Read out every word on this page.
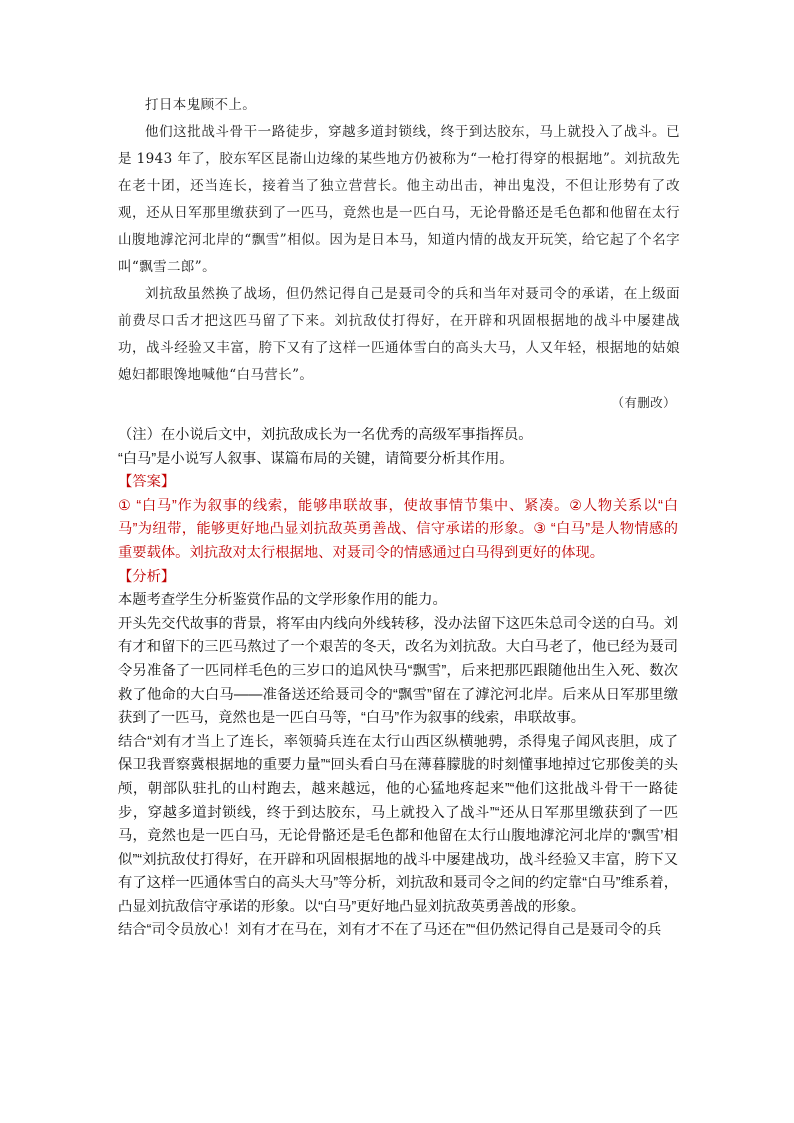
打日本鬼顾不上。

他们这批战斗骨干一路徒步，穿越多道封锁线，终于到达胶东，马上就投入了战斗。已是 1943 年了，胶东军区昆嵛山边缘的某些地方仍被称为“一枪打得穿的根据地”。刘抗敌先在老十团，还当连长，接着当了独立营营长。他主动出击，神出鬼没，不但让形势有了改观，还从日军那里缴获到了一匹马，竟然也是一匹白马，无论骨骼还是毛色都和他留在太行山腹地滹沱河北岸的“飘雪”相似。因为是日本马，知道内情的战友开玩笑，给它起了个名字叫“飘雪二郎”。

刘抗敌虽然换了战场，但仍然记得自己是聂司令的兵和当年对聂司令的承诺，在上级面前费尽口舌才把这匹马留了下来。刘抗敌仗打得好，在开辟和巩固根据地的战斗中屡建战功，战斗经验又丰富，胯下又有了这样一匹通体雪白的高头大马，人又年轻，根据地的姑娘媳妇都眼馋地喊他“白马营长”。

（有删改）

（注）在小说后文中，刘抗敌成长为一名优秀的高级军事指挥员。

“白马”是小说写人叙事、谋篇布局的关键，请简要分析其作用。

【答案】

① “白马”作为叙事的线索，能够串联故事，使故事情节集中、紧凑。②人物关系以“白马”为纽带，能够更好地凸显刘抗敌英勇善战、信守承诺的形象。③ “白马”是人物情感的重要载体。刘抗敌对太行根据地、对聂司令的情感通过白马得到更好的体现。

【分析】

本题考查学生分析鉴赏作品的文学形象作用的能力。

开头先交代故事的背景，将军由内线向外线转移，没办法留下这匹朱总司令送的白马。刘有才和留下的三匹马熬过了一个艰苦的冬天，改名为刘抗敌。大白马老了，他已经为聂司令另准备了一匹同样毛色的三岁口的追风快马“飘雪”，后来把那匹跟随他出生入死、数次救了他命的大白马——准备送还给聂司令的“飘雪”留在了滹沱河北岸。后来从日军那里缴获到了一匹马，竟然也是一匹白马等，“白马”作为叙事的线索，串联故事。

结合“刘有才当上了连长，率领骑兵连在太行山西区纵横驰骋，杀得鬼子闻风丧胆，成了保卫我晋察冀根据地的重要力量”“回头看白马在薄暮朦胧的时刻懂事地掉过它那俊美的头颅，朝部队驻扎的山村跑去，越来越远，他的心猛地疼起来”“他们这批战斗骨干一路徒步，穿越多道封锁线，终于到达胶东，马上就投入了战斗”“还从日军那里缴获到了一匹马，竟然也是一匹白马，无论骨骼还是毛色都和他留在太行山腹地滹沱河北岸的‘飘雪’相似”“刘抗敌仗打得好，在开辟和巩固根据地的战斗中屡建战功，战斗经验又丰富，胯下又有了这样一匹通体雪白的高头大马”等分析，刘抗敌和聂司令之间的约定靠“白马”维系着，凸显刘抗敌信守承诺的形象。以“白马”更好地凸显刘抗敌英勇善战的形象。

结合“司令员放心！刘有才在马在，刘有才不在了马还在”“但仍然记得自己是聂司令的兵
